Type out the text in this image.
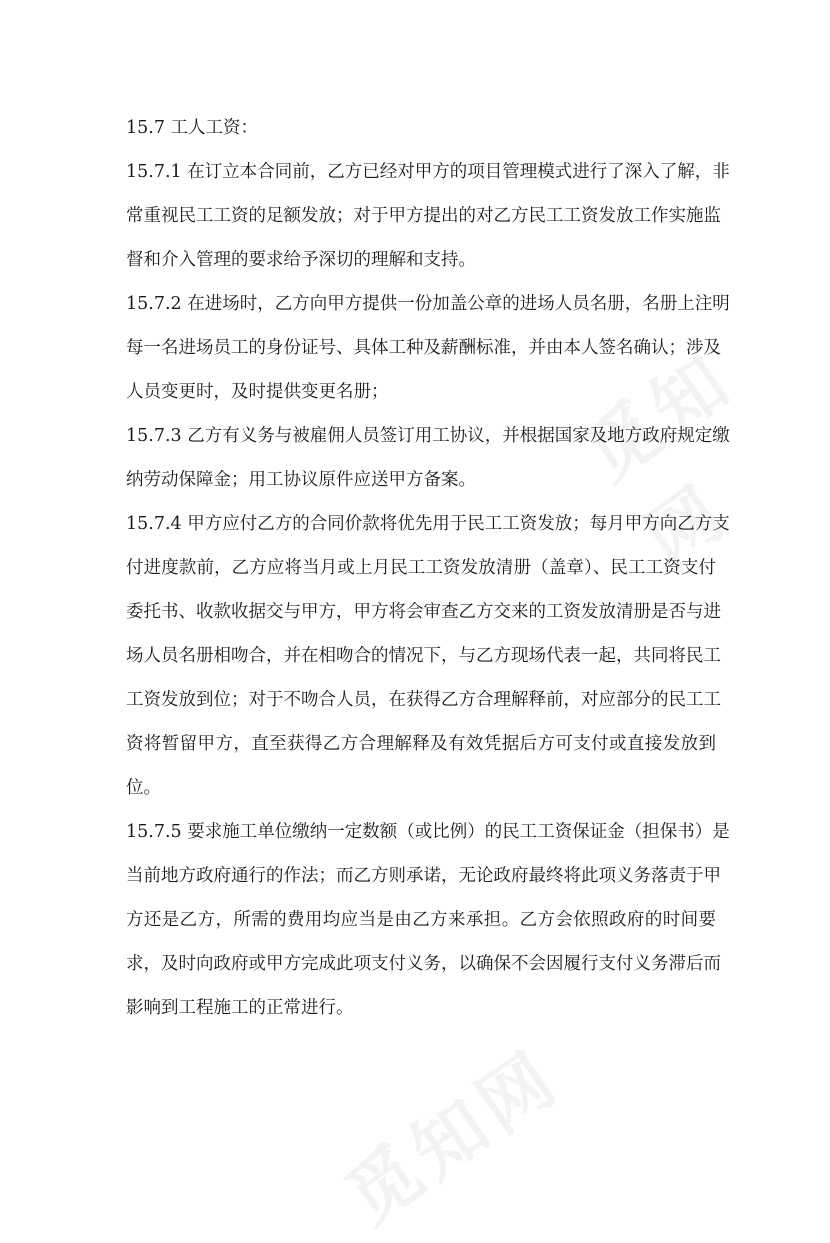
觅知网
觅知网
15.7 工人工资：
15.7.1 在订立本合同前，乙方已经对甲方的项目管理模式进行了深入了解，非
常重视民工工资的足额发放；对于甲方提出的对乙方民工工资发放工作实施监
督和介入管理的要求给予深切的理解和支持。
15.7.2 在进场时，乙方向甲方提供一份加盖公章的进场人员名册，名册上注明
每一名进场员工的身份证号、具体工种及薪酬标准，并由本人签名确认；涉及
人员变更时，及时提供变更名册；
15.7.3 乙方有义务与被雇佣人员签订用工协议，并根据国家及地方政府规定缴
纳劳动保障金；用工协议原件应送甲方备案。
15.7.4 甲方应付乙方的合同价款将优先用于民工工资发放；每月甲方向乙方支
付进度款前，乙方应将当月或上月民工工资发放清册（盖章）、民工工资支付
委托书、收款收据交与甲方，甲方将会审查乙方交来的工资发放清册是否与进
场人员名册相吻合，并在相吻合的情况下，与乙方现场代表一起，共同将民工
工资发放到位；对于不吻合人员，在获得乙方合理解释前，对应部分的民工工
资将暂留甲方，直至获得乙方合理解释及有效凭据后方可支付或直接发放到
位。
15.7.5 要求施工单位缴纳一定数额（或比例）的民工工资保证金（担保书）是
当前地方政府通行的作法；而乙方则承诺，无论政府最终将此项义务落责于甲
方还是乙方，所需的费用均应当是由乙方来承担。乙方会依照政府的时间要
求，及时向政府或甲方完成此项支付义务，以确保不会因履行支付义务滞后而
影响到工程施工的正常进行。
